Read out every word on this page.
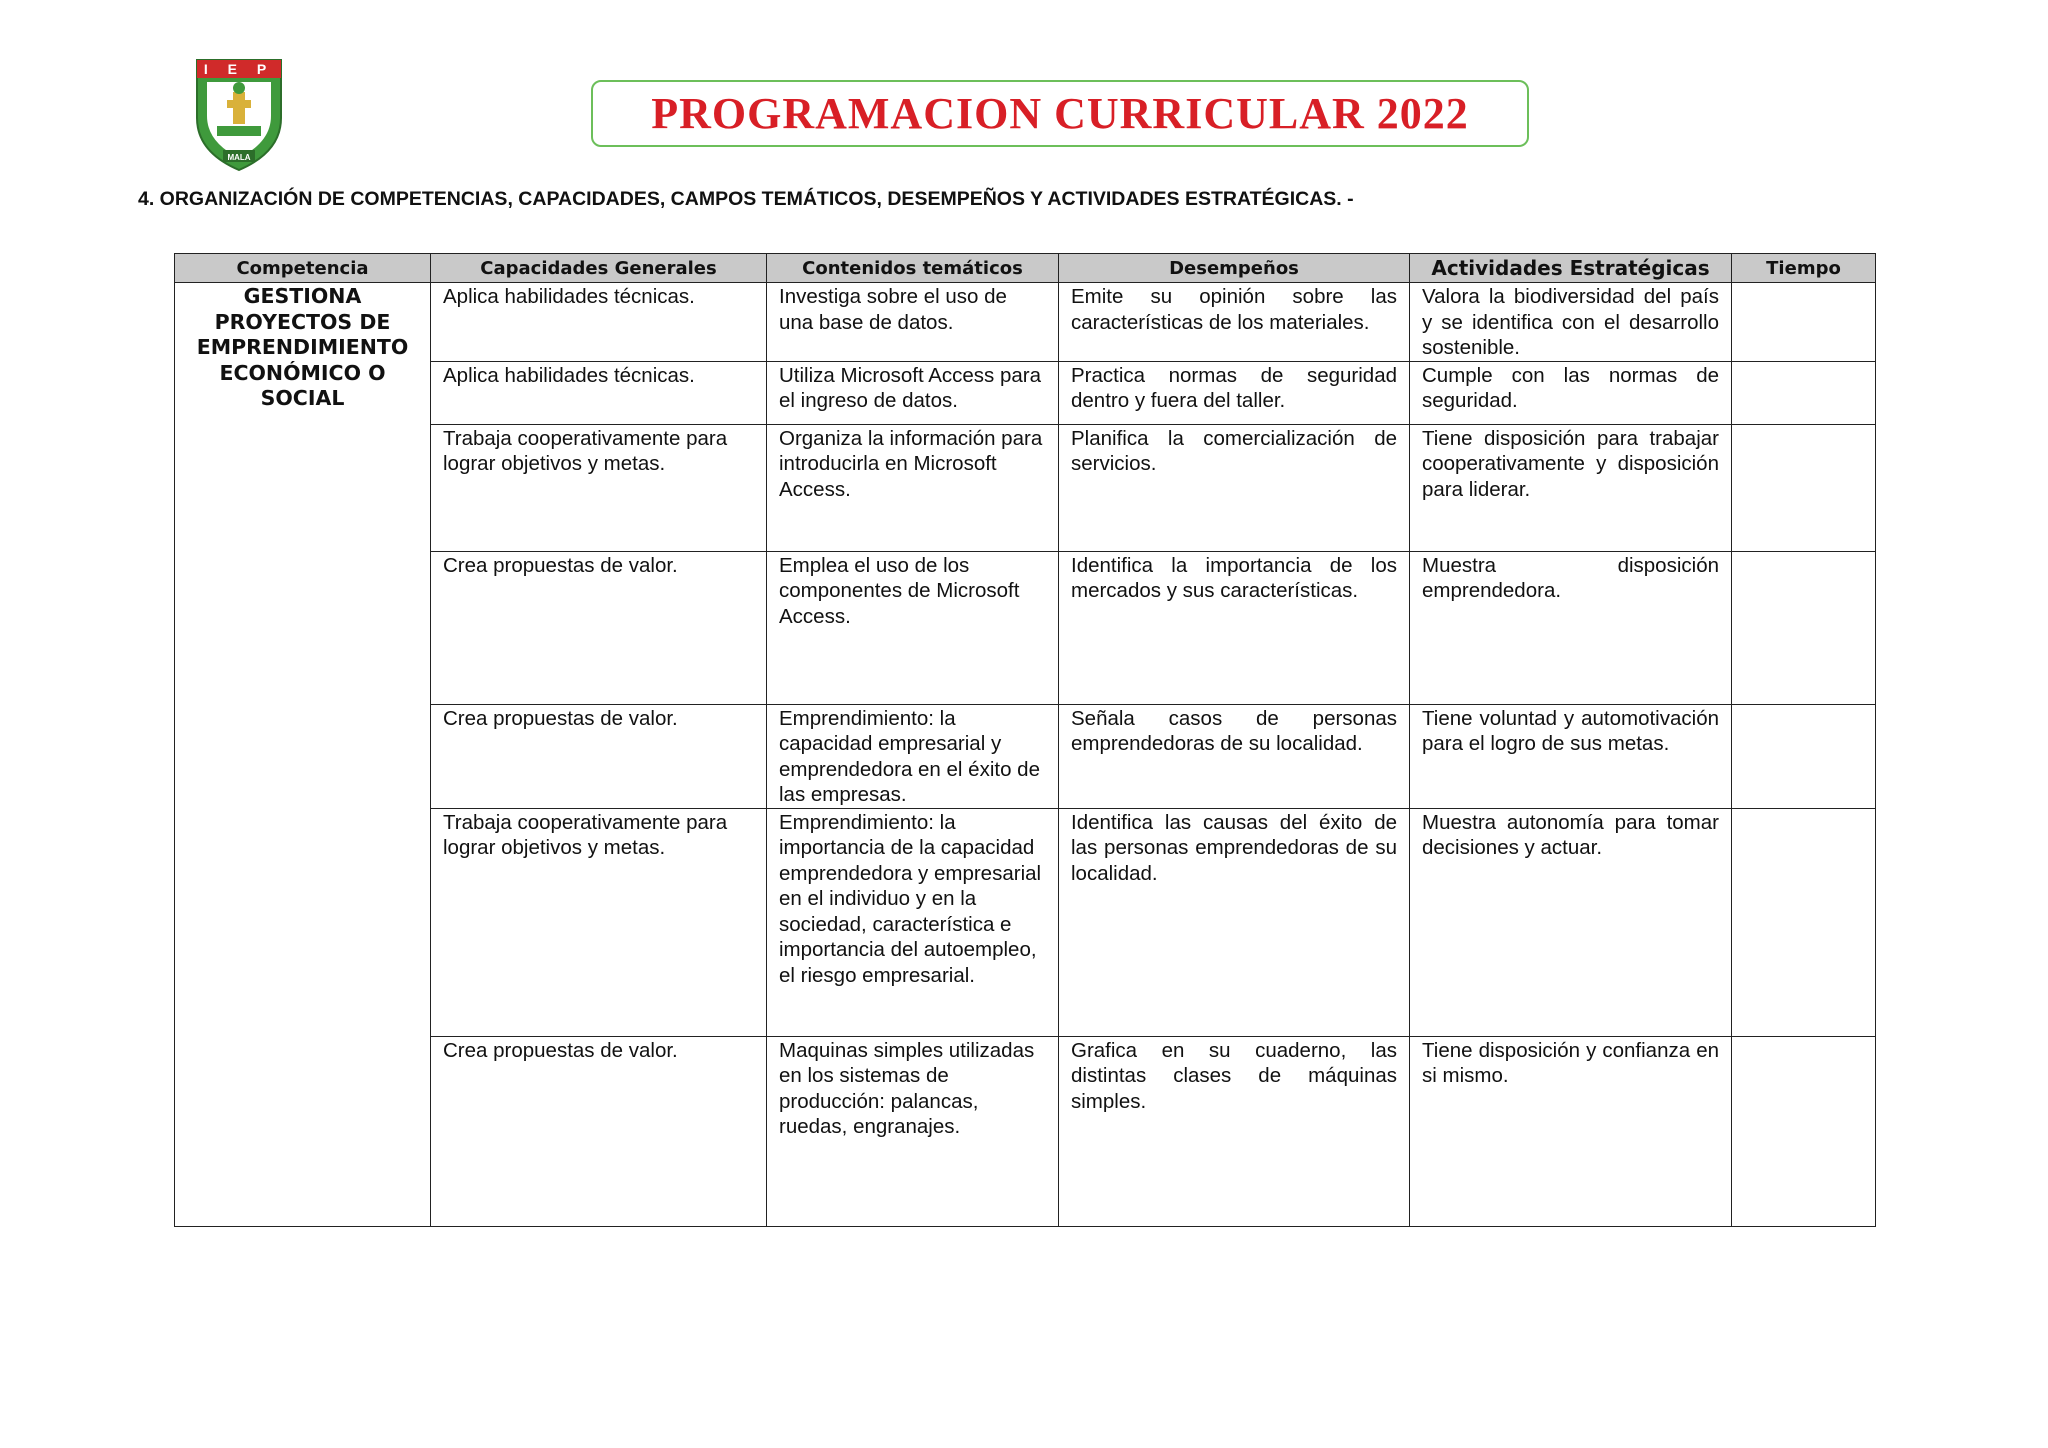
I E P
MALA
PROGRAMACION CURRICULAR 2022
4. ORGANIZACIÓN DE COMPETENCIAS, CAPACIDADES, CAMPOS TEMÁTICOS, DESEMPEÑOS Y ACTIVIDADES ESTRATÉGICAS. -
Competencia	Capacidades Generales	Contenidos temáticos	Desempeños	Actividades Estratégicas	Tiempo
GESTIONA PROYECTOS DE EMPRENDIMIENTO ECONÓMICO O SOCIAL	Aplica habilidades técnicas.	Investiga sobre el uso de una base de datos.	Emite su opinión sobre las características de los materiales.	Valora la biodiversidad del país y se identifica con el desarrollo sostenible.	
	Aplica habilidades técnicas.	Utiliza Microsoft Access para el ingreso de datos.	Practica normas de seguridad dentro y fuera del taller.	Cumple con las normas de seguridad.	
	Trabaja cooperativamente para lograr objetivos y metas.	Organiza la información para introducirla en Microsoft Access.	Planifica la comercialización de servicios.	Tiene disposición para trabajar cooperativamente y disposición para liderar.	
	Crea propuestas de valor.	Emplea el uso de los componentes de Microsoft Access.	Identifica la importancia de los mercados y sus características.	Muestra disposición emprendedora.	
	Crea propuestas de valor.	Emprendimiento: la capacidad empresarial y emprendedora en el éxito de las empresas.	Señala casos de personas emprendedoras de su localidad.	Tiene voluntad y automotivación para el logro de sus metas.	
	Trabaja cooperativamente para lograr objetivos y metas.	Emprendimiento: la importancia de la capacidad emprendedora y empresarial en el individuo y en la sociedad, característica e importancia del autoempleo, el riesgo empresarial.	Identifica las causas del éxito de las personas emprendedoras de su localidad.	Muestra autonomía para tomar decisiones y actuar.	
	Crea propuestas de valor.	Maquinas simples utilizadas en los sistemas de producción: palancas, ruedas, engranajes.	Grafica en su cuaderno, las distintas clases de máquinas simples.	Tiene disposición y confianza en si mismo.	
